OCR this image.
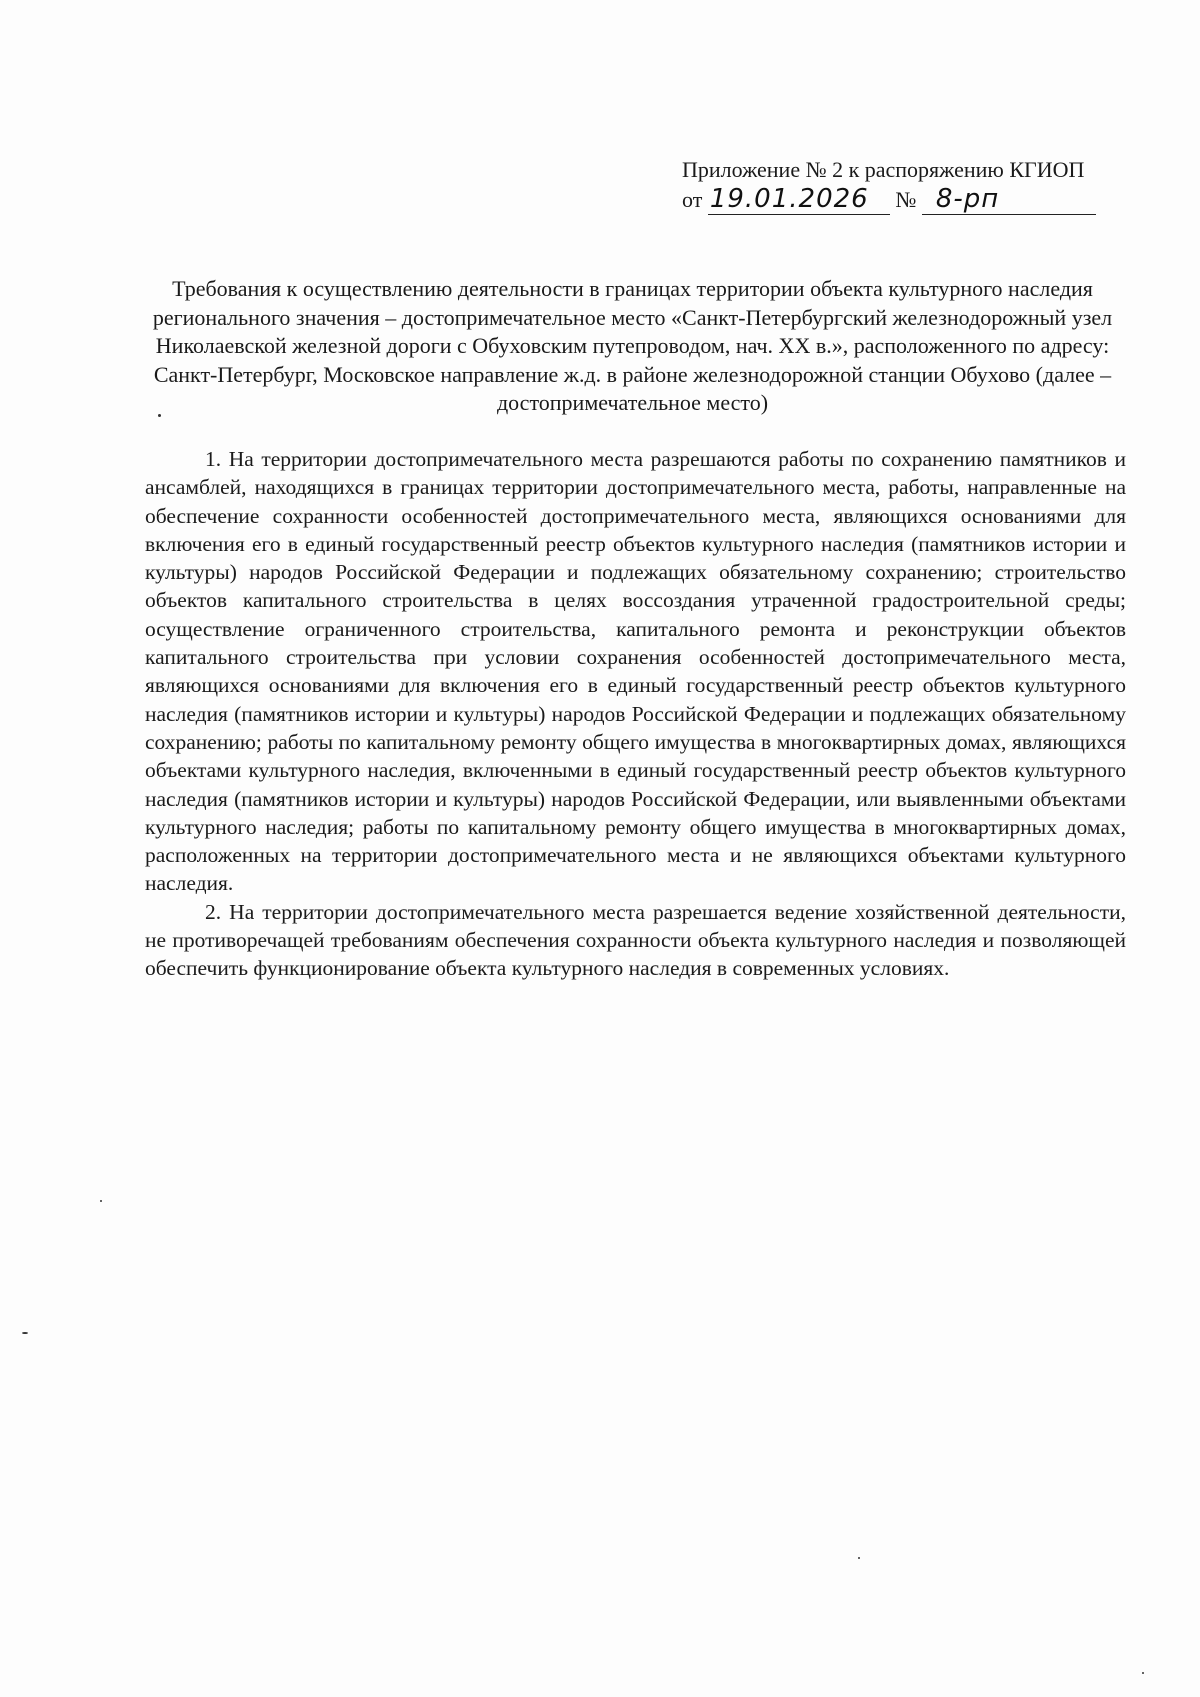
Приложение № 2 к распоряжению КГИОП
от 19.01.2026 № 8-рп
Требования к осуществлению деятельности в границах территории объекта культурного наследия регионального значения – достопримечательное место «Санкт-Петербургский железнодорожный узел Николаевской железной дороги с Обуховским путепроводом, нач. XX в.», расположенного по адресу: Санкт-Петербург, Московское направление ж.д. в районе железнодорожной станции Обухово (далее – достопримечательное место)

1. На территории достопримечательного места разрешаются работы по сохранению памятников и ансамблей, находящихся в границах территории достопримечательного места, работы, направленные на обеспечение сохранности особенностей достопримечательного места, являющихся основаниями для включения его в единый государственный реестр объектов культурного наследия (памятников истории и культуры) народов Российской Федерации и подлежащих обязательному сохранению; строительство объектов капитального строительства в целях воссоздания утраченной градостроительной среды; осуществление ограниченного строительства, капитального ремонта и реконструкции объектов капитального строительства при условии сохранения особенностей достопримечательного места, являющихся основаниями для включения его в единый государственный реестр объектов культурного наследия (памятников истории и культуры) народов Российской Федерации и подлежащих обязательному сохранению; работы по капитальному ремонту общего имущества в многоквартирных домах, являющихся объектами культурного наследия, включенными в единый государственный реестр объектов культурного наследия (памятников истории и культуры) народов Российской Федерации, или выявленными объектами культурного наследия; работы по капитальному ремонту общего имущества в многоквартирных домах, расположенных на территории достопримечательного места и не являющихся объектами культурного наследия.

2. На территории достопримечательного места разрешается ведение хозяйственной деятельности, не противоречащей требованиям обеспечения сохранности объекта культурного наследия и позволяющей обеспечить функционирование объекта культурного наследия в современных условиях.
